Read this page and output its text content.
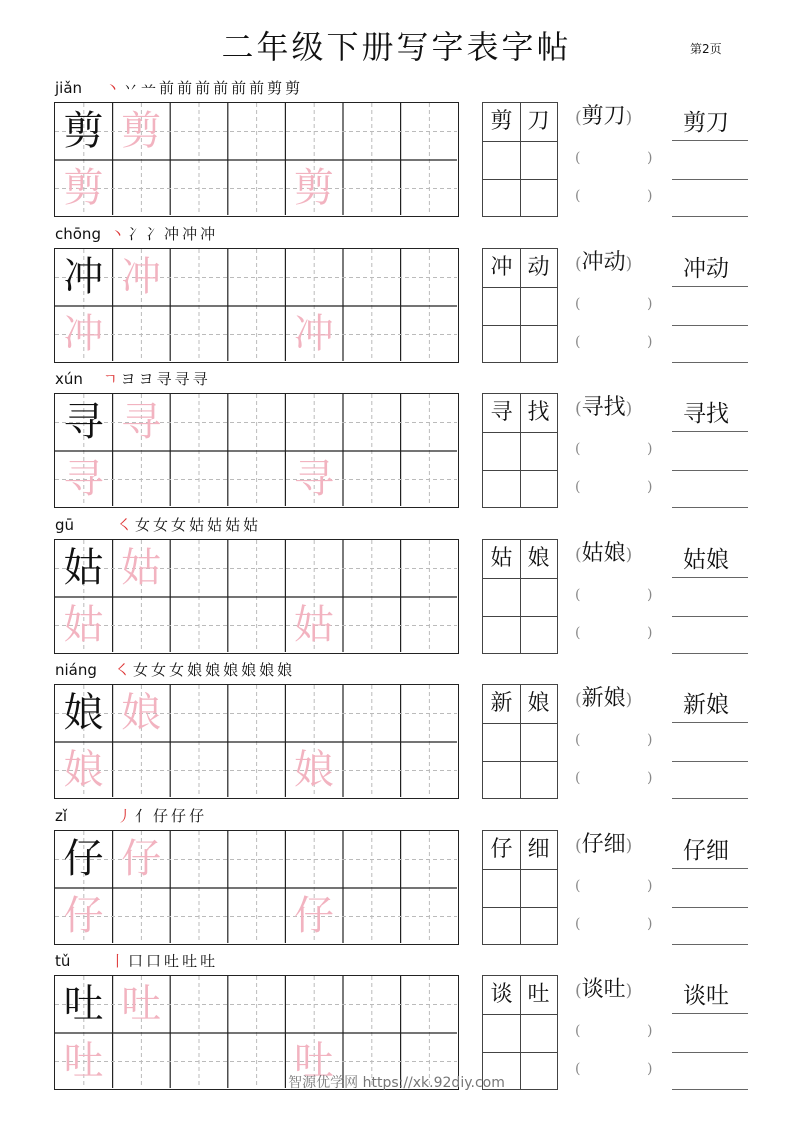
二年级下册写字表字帖	第2页
jiǎn 丶 丷 䒑 前 前 前 前 前 前 剪 剪
剪 剪
剪	剪
剪 刀	(剪刀)
(	)
(	)
剪刀
chōng 丶 冫 冫 冲 冲 冲
冲 冲
冲	冲
冲 动	(冲动)
(	)
(	)
冲动
xún ㄱ ヨ ヨ 寻 寻 寻
寻 寻
寻	寻
寻 找	(寻找)
(	)
(	)
寻找
gū	㇛ 女 女 女 姑 姑 姑 姑
姑 姑
姑	姑
姑 娘	(姑娘)
(	)
(	)
姑娘
niáng ㇛ 女 女 女 娘 娘 娘 娘 娘 娘
娘 娘
娘	娘
新 娘	(新娘)
(	)
(	)
新娘
zǐ	丿 亻 仔 仔 仔
仔 仔
仔	仔
仔 细	(仔细)
(	)
(	)
仔细
tǔ	丨 口 口 吐 吐 吐
吐 吐
吐	吐
谈 吐	(谈吐)
(	)
(	)
谈吐
智源优学网 https://xk.92diy.com
